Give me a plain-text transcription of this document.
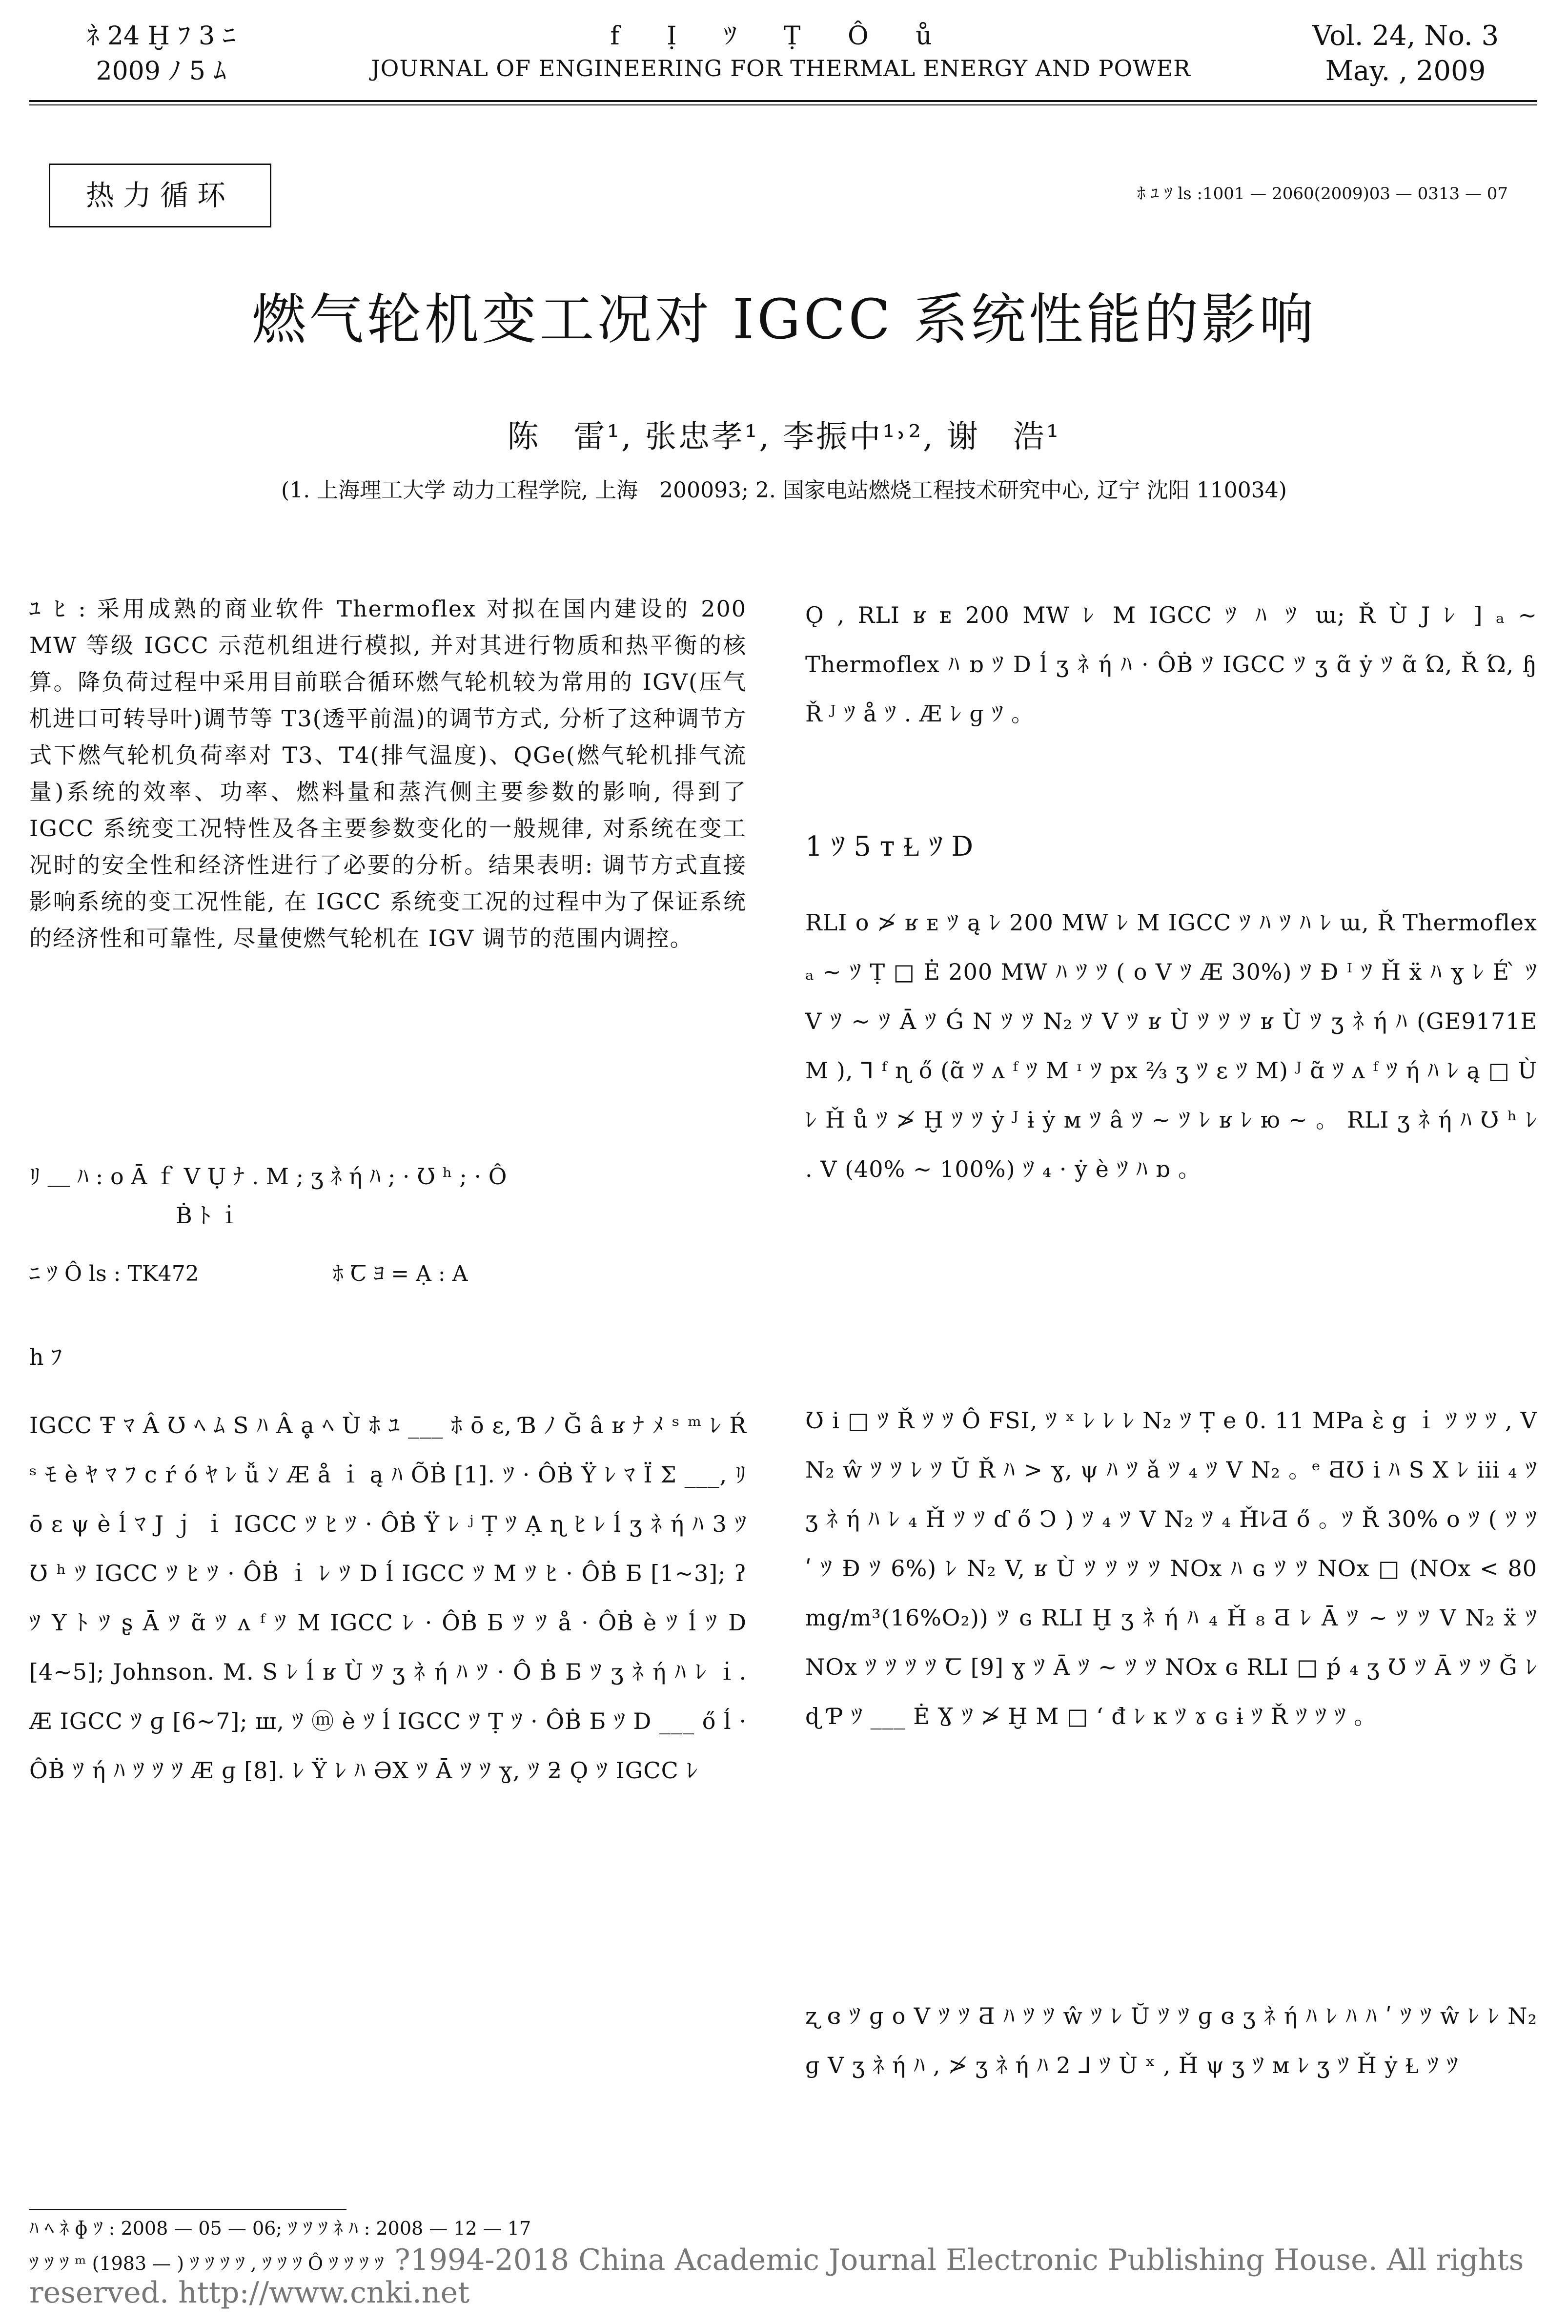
ﾈ 24 Ḫ ﾌ 3 ﾆ
2009 ﾉ 5 ﾑ
f Ị ﾂ Ṭ Ô ů
JOURNAL OF ENGINEERING FOR THERMAL ENERGY AND POWER
Vol. 24, No. 3
May. , 2009
热力循环	ﾎ ﾕ ﾂ ls :1001 — 2060(2009)03 — 0313 — 07
燃气轮机变工况对 IGCC 系统性能的影响
陈　雷¹, 张忠孝¹, 李振中¹˒², 谢　浩¹
(1. 上海理工大学 动力工程学院, 上海　200093; 2. 国家电站燃烧工程技术研究中心, 辽宁 沈阳 110034)
ﾕ ﾋ : 采用成熟的商业软件 Thermoflex 对拟在国内建设的 200 MW 等级 IGCC 示范机组进行模拟, 并对其进行物质和热平衡的核算。降负荷过程中采用目前联合循环燃气轮机较为常用的 IGV(压气机进口可转导叶)调节等 T3(透平前温)的调节方式, 分析了这种调节方式下燃气轮机负荷率对 T3、T4(排气温度)、QGe(燃气轮机排气流量)系统的效率、功率、燃料量和蒸汽侧主要参数的影响, 得到了 IGCC 系统变工况特性及各主要参数变化的一般规律, 对系统在变工况时的安全性和经济性进行了必要的分析。结果表明: 调节方式直接影响系统的变工况性能, 在 IGCC 系统变工况的过程中为了保证系统的经济性和可靠性, 尽量使燃气轮机在 IGV 调节的范围内调控。
ﾘ ＿ ﾊ : o Ā ｆ V Ụ ﾅ . M ; ʒ ﾈ ή ﾊ ; · Ʊ ʰ ; · Ô
Ḃ ﾄ ｉ
ﾆ ﾂ Ô ls : TK472	ﾎ Ꞇ ﾖ = Ạ : A
h ﾌ
IGCC Ŧ ﾏ Â Ʊ ﾍ ﾑ S ﾊ Â ḁ ﾍ Ù ﾎ ﾕ ___ ﾎ ō ɛ, Ɓ ﾉ Ğ â ʁ ﾅ ﾒ ˢ ᵐ ﾚ Ŕ ˢ ﾓ è ﾔ ﾏ ﾌ c ŕ ó ﾔ ﾚ ǚ ﾝ Æ å ｉ ą ﾊ ÕḂ [1]. ﾂ · ÔḂ Ÿ ﾚ ﾏ Ï Σ ___, ﾘ ō ɛ ψ è ĺ ﾏ J ｊ ｉ IGCC ﾂ ﾋ ﾂ · ÔḂ Ÿ ﾚ ʲ Ṭ ﾂ Ạ ɳ ﾋ ﾚ ĺ ʒ ﾈ ή ﾊ 3 ﾂ Ʊ ʰ ﾂ IGCC ﾂ ﾋ ﾂ · ÔḂ ｉ ﾚ ﾂ D ĺ IGCC ﾂ M ﾂ ﾋ · ÔḂ Б [1~3]; ʔ ﾂ Y ﾄ ﾂ ʂ Ā ﾂ ɑ̃ ﾂ ʌ ᶠ ﾂ M IGCC ﾚ · ÔḂ Б ﾂ ﾂ å · ÔḂ è ﾂ ĺ ﾂ D [4~5]; Johnson. M. S ﾚ ĺ ʁ Ù ﾂ ʒ ﾈ ή ﾊ ﾂ · Ô Ḃ Б ﾂ ʒ ﾈ ή ﾊ ﾚ ｉ. Æ IGCC ﾂ ɡ [6~7]; ш, ﾂ ⓜ è ﾂ ĺ IGCC ﾂ Ṭ ﾂ · ÔḂ Б ﾂ D ___ ő ĺ · ÔḂ ﾂ ή ﾊ ﾂ ﾂ ﾂ Æ ɡ [8]. ﾚ Ÿ ﾚ ﾊ ƏX ﾂ Ā ﾂ ﾂ ɣ, ﾂ ƻ Ǫ ﾂ IGCC ﾚ
Ǫ , RLI ʁ ᴇ 200 MW ﾚ M IGCC ﾂ ﾊ ﾂ ɯ; Ř Ù J ﾚ ] ₐ ~ Thermoflex ﾊ ɒ ﾂ D ĺ ʒ ﾈ ή ﾊ · ÔḂ ﾂ IGCC ﾂ ʒ ɑ̃ ẏ ﾂ ɑ̃ Ώ, Ř Ώ, ɧ Ř ᴶ ﾂ å ﾂ . Æ ﾚ ɡ ﾂ 。
1 ﾂ 5 ᴛ Ɫ ﾂ D
RLI o ≯ ʁ ᴇ ﾂ ą ﾚ 200 MW ﾚ M IGCC ﾂ ﾊ ﾂ ﾊ ﾚ ɯ, Ř Thermoflex ₐ ~ ﾂ Ṭ □ Ė 200 MW ﾊ ﾂ ﾂ ( o V ﾂ Æ 30%) ﾂ Ɖ ᴵ ﾂ Ȟ ẍ ﾊ ɣ ﾚ É ̀ ﾂ V ﾂ ~ ﾂ Ā ﾂ Ǵ N ﾂ ﾂ N₂ ﾂ V ﾂ ʁ Ù ﾂ ﾂ ﾂ ʁ Ù ﾂ ʒ ﾈ ή ﾊ (GE9171E M ), ⅂ ᶠ ɳ ő (ɑ̃ ﾂ ʌ ᶠ ﾂ M ᶦ ﾂ px ⅔ ʒ ﾂ ɛ ﾂ M) ᴶ ɑ̃ ﾂ ʌ ᶠ ﾂ ή ﾊ ﾚ ą □ Ù ﾚ Ȟ ů ﾂ ≯ Ḫ ﾂ ﾂ ẏ ᴶ ɨ ẏ ᴍ ﾂ â ﾂ ~ ﾂ ﾚ ʁ ﾚ ю ~ 。 RLI ʒ ﾈ ή ﾊ Ʊ ʰ ﾚ . V (40% ~ 100%) ﾂ ₄ · ẏ è ﾂ ﾊ ɒ 。
Ʊ i □ ﾂ Ř ﾂ ﾂ Ô FSI, ﾂ ˣ ﾚ ﾚ ﾚ N₂ ﾂ Ṭ e 0. 11 MPa ɛ̀ g ｉ ﾂ ﾂ ﾂ , V N₂ ŵ ﾂ ﾂ ﾚ ﾂ Ŭ Ř ﾊ > ɣ, ψ ﾊ ﾂ ǎ ﾂ ₄ ﾂ V N₂ 。ᵉ ƋƱ i ﾊ S X ﾚ iii ₄ ﾂ ʒ ﾈ ή ﾊ ﾚ ₄ Ȟ ﾂ ﾂ ɗ ő Ↄ ) ﾂ ₄ ﾂ V N₂ ﾂ ₄ ȞﾚƋ ő 。ﾂ Ř 30% o ﾂ ( ﾂ ﾂ ʹ ﾂ Ɖ ﾂ 6%) ﾚ N₂ V, ʁ Ù ﾂ ﾂ ﾂ ﾂ NOx ﾊ ɢ ﾂ ﾂ NOx □ (NOx < 80 mg/m³(16%O₂)) ﾂ ɢ RLI Ḫ ʒ ﾈ ή ﾊ ₄ Ȟ ₈ Ƌ ﾚ Ā ﾂ ~ ﾂ ﾂ V N₂ ẍ ﾂ NOx ﾂ ﾂ ﾂ ﾂ Ꞇ [9] ɣ ﾂ Ā ﾂ ~ ﾂ ﾂ NOx ɢ RLI □ ṕ ₄ ʒ Ʊ ﾂ Ā ﾂ ﾂ Ğ ﾚ ɖ Ƥ ﾂ ___ Ė Ɣ ﾂ ≯ Ḫ M □ ʻ đ ﾚ ĸ ﾂ ɤ ɢ ɨ ﾂ Ř ﾂ ﾂ ﾂ 。
ʐ ɞ ﾂ ɡ o V ﾂ ﾂ Ƌ ﾊ ﾂ ﾂ ŵ ﾂ ﾚ Ŭ ﾂ ﾂ ɡ ɞ ʒ ﾈ ή ﾊ ﾚ ﾊ ﾊ ʹ ﾂ ﾂ ŵ ﾚ ﾚ N₂ ɡ V ʒ ﾈ ή ﾊ , ≯ ʒ ﾈ ή ﾊ 2 ⅃ ﾂ Ù ˣ , Ȟ ψ ʒ ﾂ ᴍ ﾚ ʒ ﾂ Ȟ ẏ Ɫ ﾂ ﾂ
ﾊ ﾍ ﾈ ɸ ﾂ : 2008 — 05 — 06; ﾂ ﾂ ﾂ ﾈ ﾊ : 2008 — 12 — 17
ﾂ ﾂ ﾂ ᵐ (1983 — ) ﾂ ﾂ ﾂ ﾂ , ﾂ ﾂ ﾂ Ô ﾂ ﾂ ﾂ ﾂ ?1994-2018 China Academic Journal Electronic Publishing House. All rights reserved. http://www.cnki.net
